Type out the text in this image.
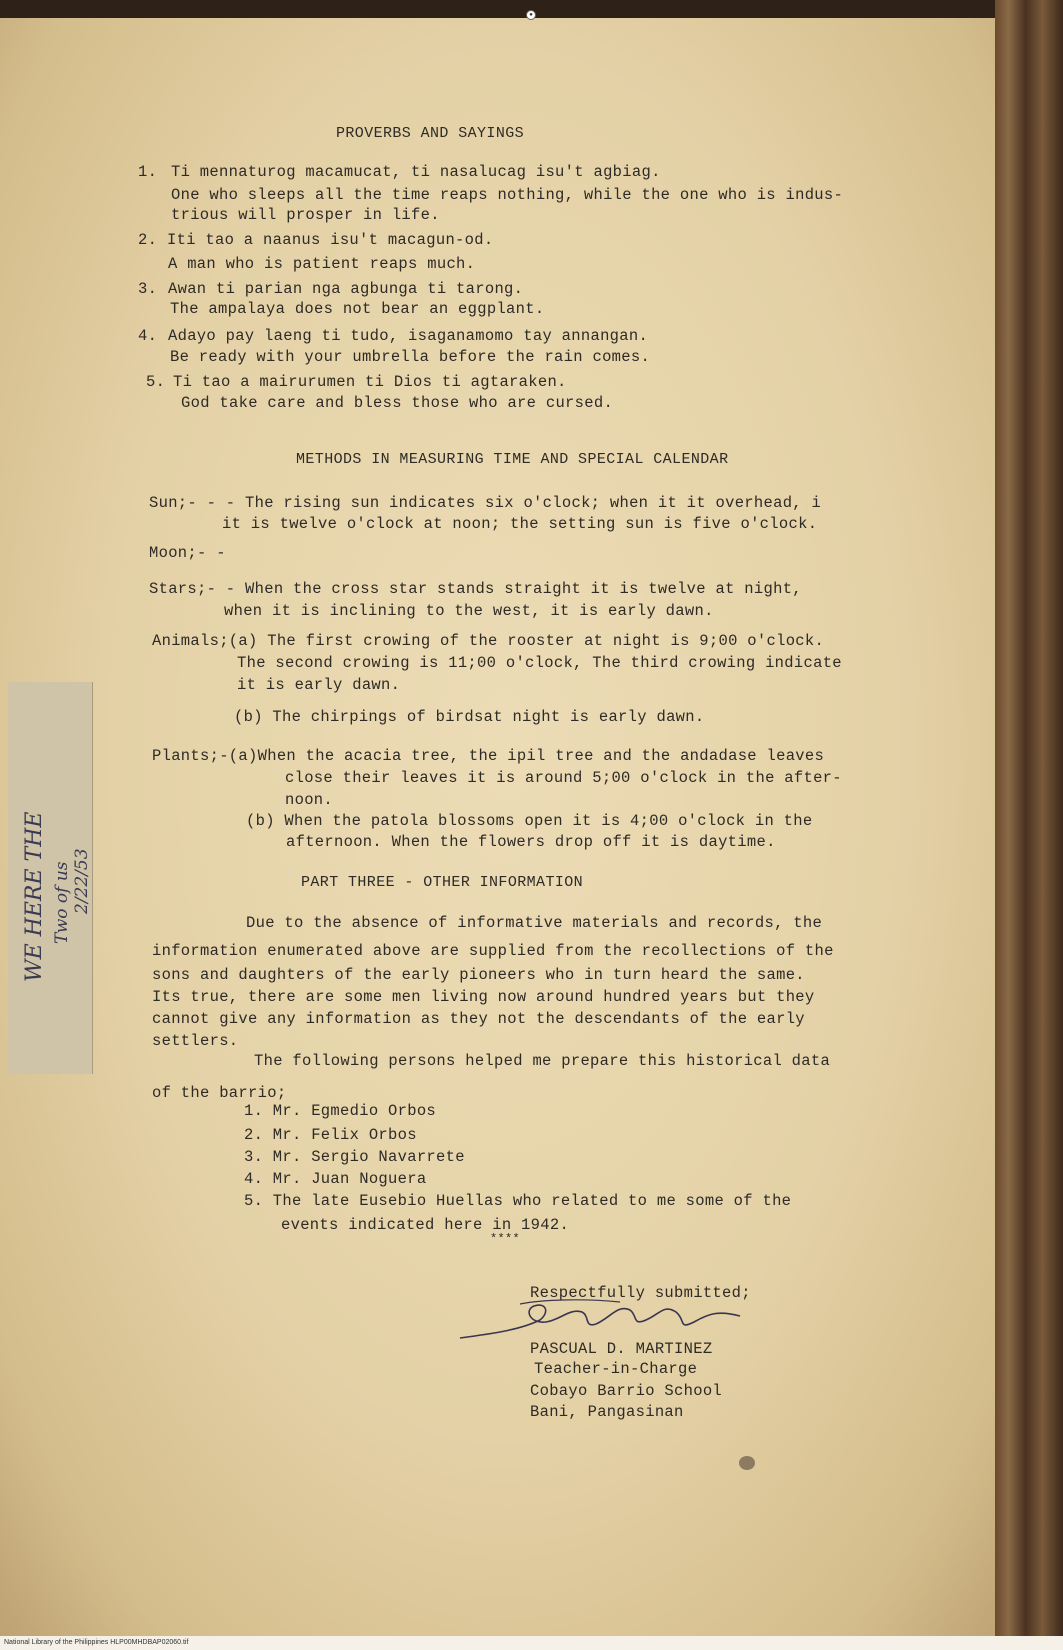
●
PROVERBS AND SAYINGS
1. Ti mennaturog macamucat, ti nasalucag isu't agbiag.
One who sleeps all the time reaps nothing, while the one who is indus-
trious will prosper in life.
2. Iti tao a naanus isu't macagun-od.
A man who is patient reaps much.
3. Awan ti parian nga agbunga ti tarong.
The ampalaya does not bear an eggplant.
4. Adayo pay laeng ti tudo, isaganamomo tay annangan.
Be ready with your umbrella before the rain comes.
5. Ti tao a mairurumen ti Dios ti agtaraken.
God take care and bless those who are cursed.
METHODS IN MEASURING TIME AND SPECIAL CALENDAR
Sun;- - - The rising sun indicates six o'clock; when it it overhead, i
it is twelve o'clock at noon; the setting sun is five o'clock.
Moon;- -
Stars;- - When the cross star stands straight it is twelve at night,
when it is inclining to the west, it is early dawn.
Animals;(a) The first crowing of the rooster at night is 9;00 o'clock.
The second crowing is 11;00 o'clock, The third crowing indicate
it is early dawn.
(b) The chirpings of birdsat night is early dawn.
Plants;-(a)When the acacia tree, the ipil tree and the andadase leaves
close their leaves it is around 5;00 o'clock in the after-
noon.
(b) When the patola blossoms open it is 4;00 o'clock in the
afternoon. When the flowers drop off it is daytime.
PART THREE - OTHER INFORMATION
Due to the absence of informative materials and records, the
information enumerated above are supplied from the recollections of the
sons and daughters of the early pioneers who in turn heard the same.
Its true, there are some men living now around hundred years but they
cannot give any information as they not the descendants of the early
settlers.
The following persons helped me prepare this historical data
of the barrio;
1. Mr. Egmedio Orbos
2. Mr. Felix Orbos
3. Mr. Sergio Navarrete
4. Mr. Juan Noguera
5. The late Eusebio Huellas who related to me some of the
events indicated here in 1942.
****
Respectfully submitted;
PASCUAL D. MARTINEZ
Teacher-in-Charge
Cobayo Barrio School
Bani, Pangasinan
WE HERE THE Two of us 2/22/53
National Library of the Philippines HLP00MHDBAP02060.tif
